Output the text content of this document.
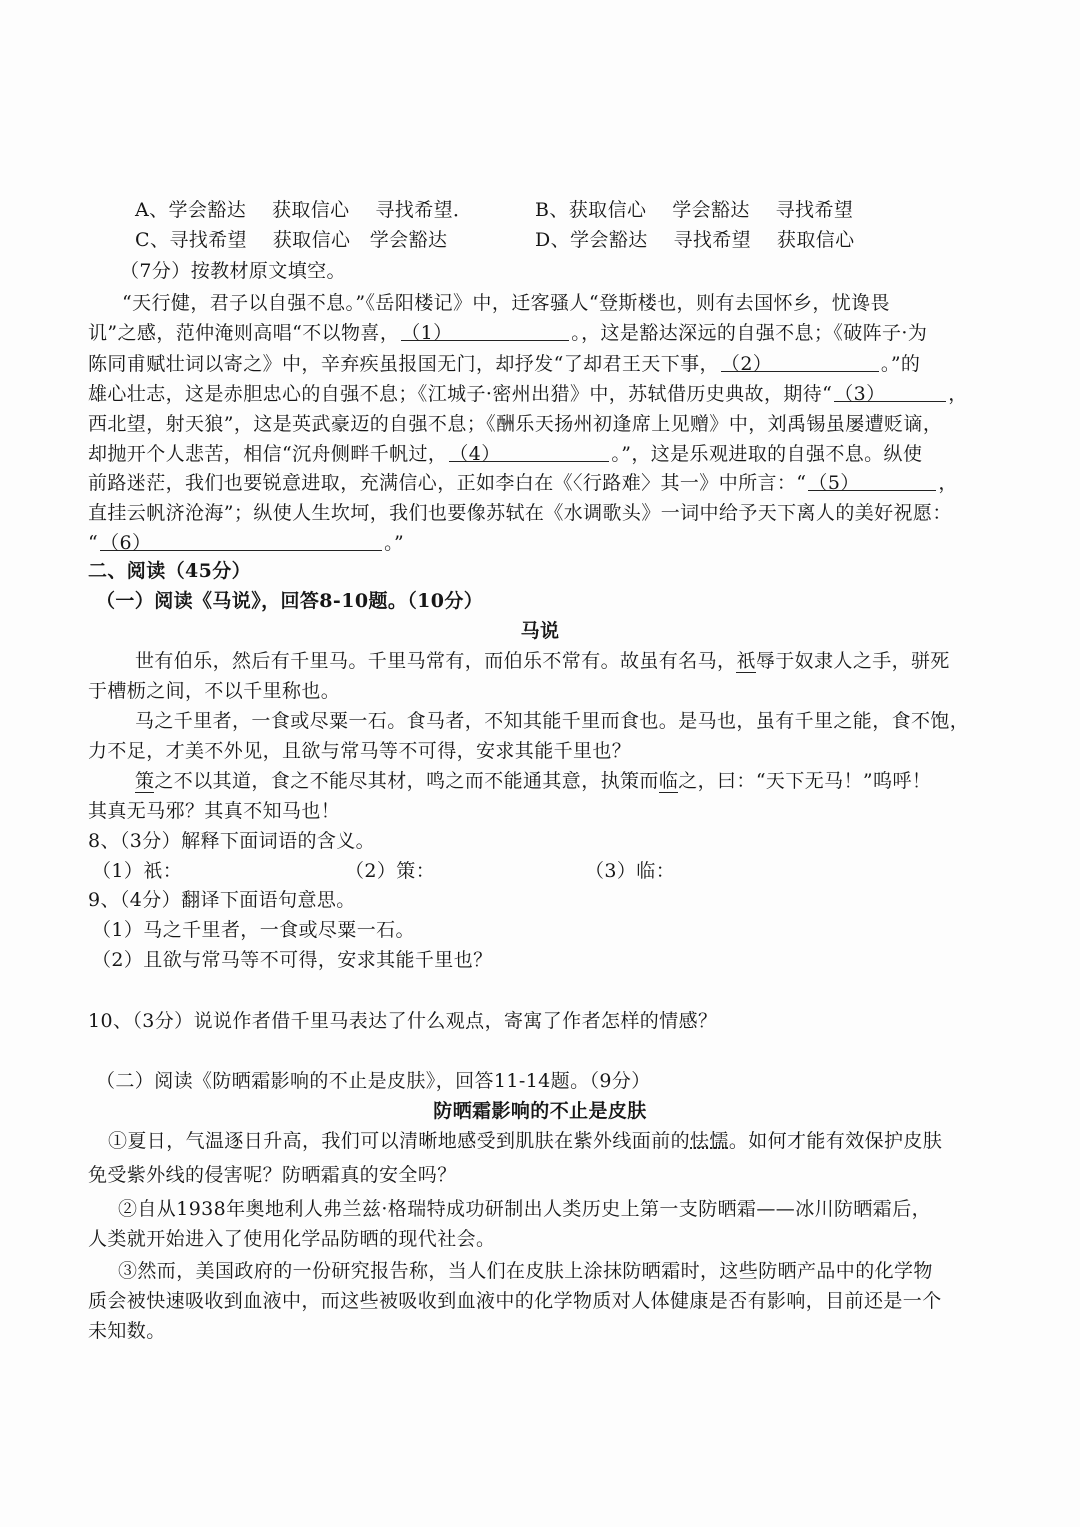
A、学会豁达　 获取信心　 寻找希望．	B、获取信心　 学会豁达　 寻找希望
C、寻找希望　 获取信心　学会豁达	D、学会豁达　 寻找希望　 获取信心
（7分）按教材原文填空。
“天行健，君子以自强不息。”《岳阳楼记》中，迁客骚人“登斯楼也，则有去国怀乡，忧谗畏
讥”之感，范仲淹则高唱“不以物喜， （1）	。，这是豁达深远的自强不息；《破阵子·为
陈同甫赋壮词以寄之》中，辛弃疾虽报国无门，却抒发“了却君王天下事， （2）	。”的
雄心壮志，这是赤胆忠心的自强不息；《江城子·密州出猎》中，苏轼借历史典故，期待“ （3）	，
西北望，射天狼”，这是英武豪迈的自强不息；《酬乐天扬州初逢席上见赠》中，刘禹锡虽屡遭贬谪，
却抛开个人悲苦，相信“沉舟侧畔千帆过， （4）	。”，这是乐观进取的自强不息。纵使
前路迷茫，我们也要锐意进取，充满信心，正如李白在《〈行路难〉其一》中所言：“ （5）	，
直挂云帆济沧海”；纵使人生坎坷，我们也要像苏轼在《水调歌头》一词中给予天下离人的美好祝愿：
“ （6）	。”
二、阅读（45分）
（一）阅读《马说》，回答8-10题。（10分）
马说
世有伯乐，然后有千里马。千里马常有，而伯乐不常有。故虽有名马，祇辱于奴隶人之手，骈死
于槽枥之间，不以千里称也。
马之千里者，一食或尽粟一石。食马者，不知其能千里而食也。是马也，虽有千里之能，食不饱，
力不足，才美不外见，且欲与常马等不可得，安求其能千里也？
策之不以其道，食之不能尽其材，鸣之而不能通其意，执策而临之，曰：“天下无马！”呜呼！
其真无马邪？其真不知马也！
8、（3分）解释下面词语的含义。
（1）祇：	（2）策：	（3）临：
9、（4分）翻译下面语句意思。
（1）马之千里者，一食或尽粟一石。
（2）且欲与常马等不可得，安求其能千里也？
10、（3分）说说作者借千里马表达了什么观点，寄寓了作者怎样的情感？
（二）阅读《防晒霜影响的不止是皮肤》，回答11-14题。（9分）
防晒霜影响的不止是皮肤
①夏日，气温逐日升高，我们可以清晰地感受到肌肤在紫外线面前的怯懦。如何才能有效保护皮肤
免受紫外线的侵害呢？防晒霜真的安全吗？
②自从1938年奥地利人弗兰兹·格瑞特成功研制出人类历史上第一支防晒霜——冰川防晒霜后，
人类就开始进入了使用化学品防晒的现代社会。
③然而，美国政府的一份研究报告称，当人们在皮肤上涂抹防晒霜时，这些防晒产品中的化学物
质会被快速吸收到血液中，而这些被吸收到血液中的化学物质对人体健康是否有影响，目前还是一个
未知数。
